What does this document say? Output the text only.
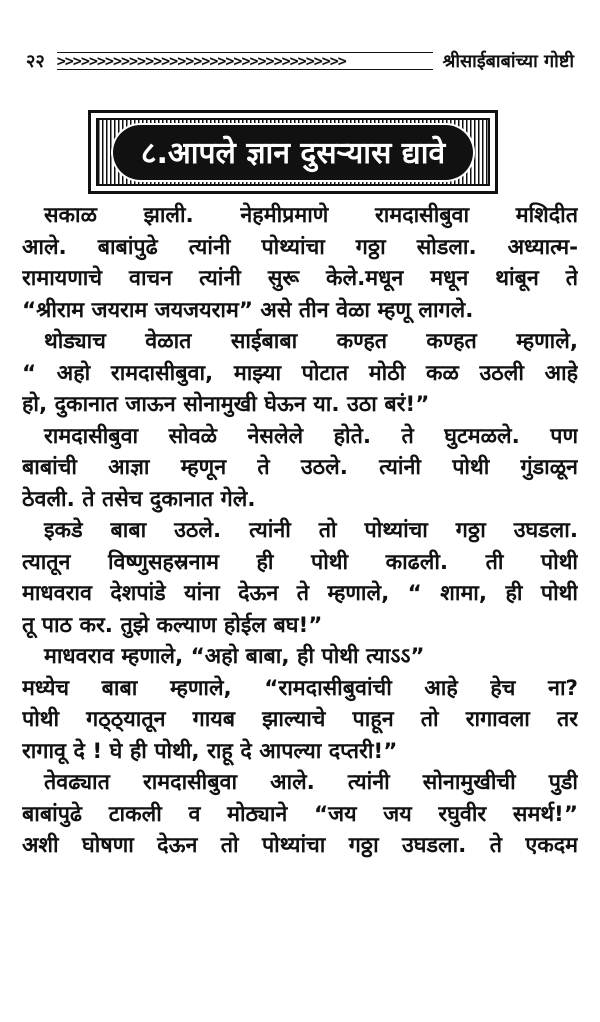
२२ >>>>>>>>>>>>>>>>>>>>>>>>>>>>>>>>>>>>	श्रीसाईबाबांच्या गोष्टी
८.आपले ज्ञान दुसऱ्यास द्यावे
सकाळ झाली. नेहमीप्रमाणे रामदासीबुवा मशिदीत
आले. बाबांपुढे त्यांनी पोथ्यांचा गठ्ठा सोडला. अध्यात्म-
रामायणाचे वाचन त्यांनी सुरू केले.मधून मधून थांबून ते
“श्रीराम जयराम जयजयराम” असे तीन वेळा म्हणू लागले.
थोड्याच वेळात साईबाबा कण्हत कण्हत म्हणाले,
“ अहो रामदासीबुवा, माझ्या पोटात मोठी कळ उठली आहे
हो, दुकानात जाऊन सोनामुखी घेऊन या. उठा बरं!”
रामदासीबुवा सोवळे नेसलेले होते. ते घुटमळले. पण
बाबांची आज्ञा म्हणून ते उठले. त्यांनी पोथी गुंडाळून
ठेवली. ते तसेच दुकानात गेले.
इकडे बाबा उठले. त्यांनी तो पोथ्यांचा गठ्ठा उघडला.
त्यातून विष्णुसहस्रनाम ही पोथी काढली. ती पोथी
माधवराव देशपांडे यांना देऊन ते म्हणाले, “ शामा, ही पोथी
तू पाठ कर. तुझे कल्याण होईल बघ!”
माधवराव म्हणाले, “अहो बाबा, ही पोथी त्याऽऽ”
मध्येच बाबा म्हणाले, “रामदासीबुवांची आहे हेच ना?
पोथी गठ्ठ्यातून गायब झाल्याचे पाहून तो रागावला तर
रागावू दे ! घे ही पोथी, राहू दे आपल्या दप्तरी!”
तेवढ्यात रामदासीबुवा आले. त्यांनी सोनामुखीची पुडी
बाबांपुढे टाकली व मोठ्याने “जय जय रघुवीर समर्थ!”
अशी घोषणा देऊन तो पोथ्यांचा गठ्ठा उघडला. ते एकदम
